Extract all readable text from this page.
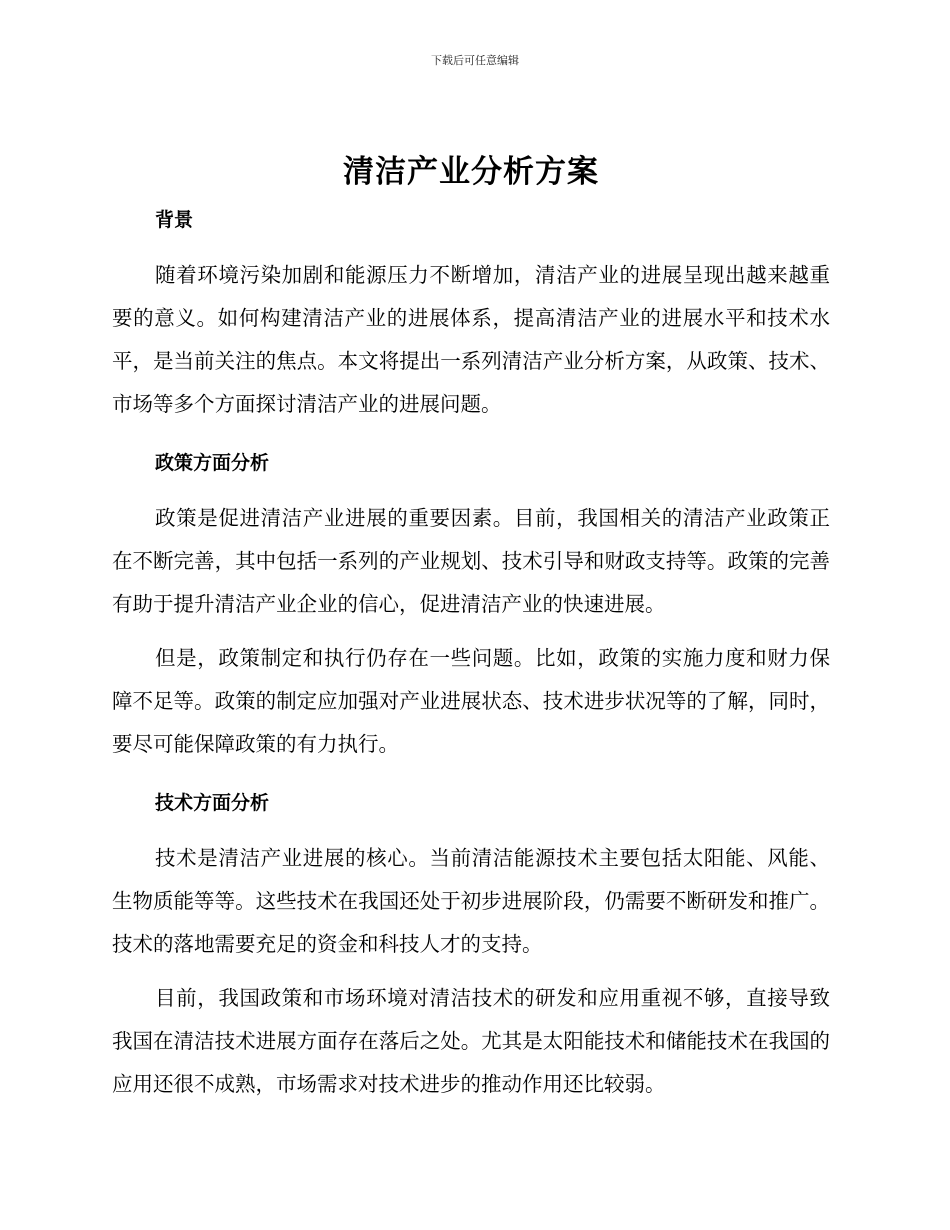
下载后可任意编辑
清洁产业分析方案
背景

随着环境污染加剧和能源压力不断增加，清洁产业的进展呈现出越来越重要的意义。如何构建清洁产业的进展体系，提高清洁产业的进展水平和技术水平，是当前关注的焦点。本文将提出一系列清洁产业分析方案，从政策、技术、市场等多个方面探讨清洁产业的进展问题。

政策方面分析

政策是促进清洁产业进展的重要因素。目前，我国相关的清洁产业政策正在不断完善，其中包括一系列的产业规划、技术引导和财政支持等。政策的完善有助于提升清洁产业企业的信心，促进清洁产业的快速进展。

但是，政策制定和执行仍存在一些问题。比如，政策的实施力度和财力保障不足等。政策的制定应加强对产业进展状态、技术进步状况等的了解，同时，要尽可能保障政策的有力执行。

技术方面分析

技术是清洁产业进展的核心。当前清洁能源技术主要包括太阳能、风能、生物质能等等。这些技术在我国还处于初步进展阶段，仍需要不断研发和推广。技术的落地需要充足的资金和科技人才的支持。

目前，我国政策和市场环境对清洁技术的研发和应用重视不够，直接导致我国在清洁技术进展方面存在落后之处。尤其是太阳能技术和储能技术在我国的应用还很不成熟，市场需求对技术进步的推动作用还比较弱。
